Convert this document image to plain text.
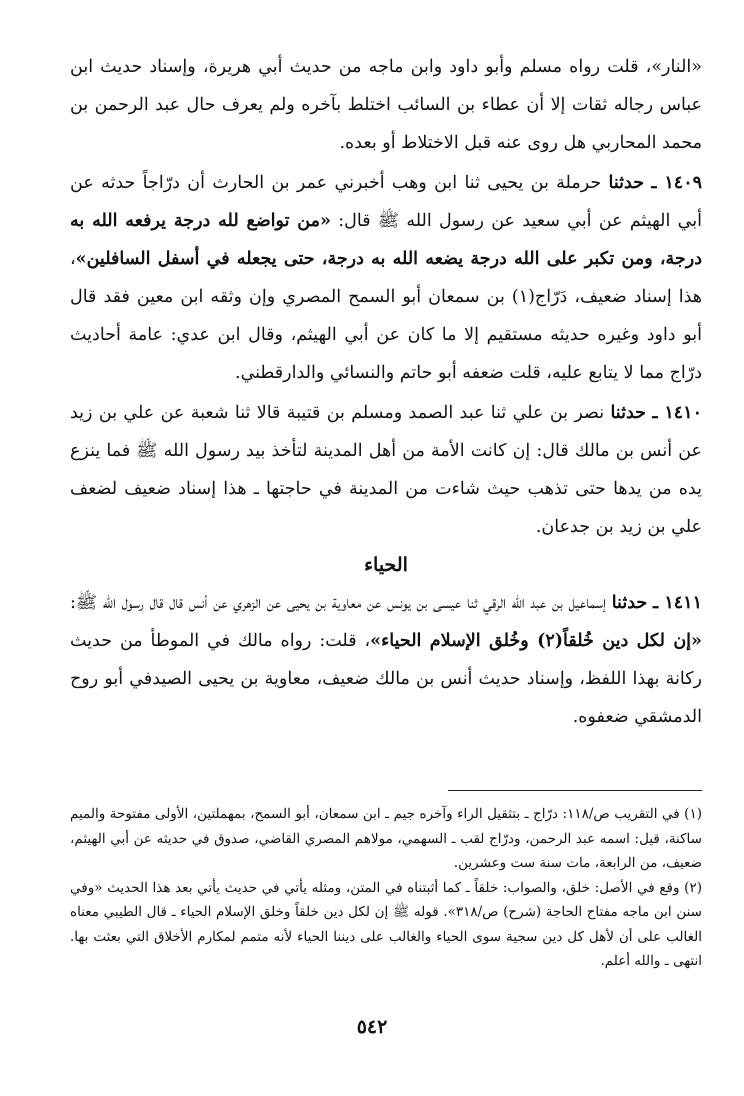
«النار»، قلت رواه مسلم وأبو داود وابن ماجه من حديث أبي هريرة، وإسناد حديث ابن عباس رجاله ثقات إلا أن عطاء بن السائب اختلط بآخره ولم يعرف حال عبد الرحمن بن محمد المحاربي هل روى عنه قبل الاختلاط أو بعده.

١٤٠٩ ـ حدثنا حرملة بن يحيى ثنا ابن وهب أخبرني عمر بن الحارث أن درّاجاً حدثه عن أبي الهيثم عن أبي سعيد عن رسول الله ﷺ قال: «من تواضع لله درجة يرفعه الله به درجة، ومن تكبر على الله درجة يضعه الله به درجة، حتى يجعله في أسفل السافلين»، هذا إسناد ضعيف، دَرّاج(١) بن سمعان أبو السمح المصري وإن وثقه ابن معين فقد قال أبو داود وغيره حديثه مستقيم إلا ما كان عن أبي الهيثم، وقال ابن عدي: عامة أحاديث درّاج مما لا يتابع عليه، قلت ضعفه أبو حاتم والنسائي والدارقطني.

١٤١٠ ـ حدثنا نصر بن علي ثنا عبد الصمد ومسلم بن قتيبة قالا ثنا شعبة عن علي بن زيد عن أنس بن مالك قال: إن كانت الأمة من أهل المدينة لتأخذ بيد رسول الله ﷺ فما ينزع يده من يدها حتى تذهب حيث شاءت من المدينة في حاجتها ـ هذا إسناد ضعيف لضعف علي بن زيد بن جدعان.

الحياء

١٤١١ ـ حدثنا إسماعيل بن عبد الله الرقي ثنا عيسى بن يونس عن معاوية بن يحيى عن الزهري عن أنس قال قال رسول الله ﷺ: «إن لكل دين خُلقاً(٢) وخُلق الإسلام الحياء»، قلت: رواه مالك في الموطأ من حديث ركانة بهذا اللفظ، وإسناد حديث أنس بن مالك ضعيف، معاوية بن يحيى الصيدفي أبو روح الدمشقي ضعفوه.

(١) في التقريب ص/١١٨: درّاج ـ بتثقيل الراء وآخره جيم ـ ابن سمعان، أبو السمح، بمهملتين، الأولى مفتوحة والميم ساكنة، قيل: اسمه عبد الرحمن، ودرّاج لقب ـ السهمي، مولاهم المصري القاضي، صدوق في حديثه عن أبي الهيثم، ضعيف، من الرابعة، مات سنة ست وعشرين.

(٢) وقع في الأصل: خلق، والصواب: خلقاً ـ كما أثبتناه في المتن، ومثله يأتي في حديث يأتي بعد هذا الحديث «وفي سنن ابن ماجه مفتاح الحاجة (شرح) ص/٣١٨». قوله ﷺ إن لكل دين خلقاً وخلق الإسلام الحياء ـ قال الطيبي معناه الغالب على أن لأهل كل دين سجية سوى الحياء والغالب على ديننا الحياء لأنه متمم لمكارم الأخلاق التي بعثت بها. انتهى ـ والله أعلم.

٥٤٢
